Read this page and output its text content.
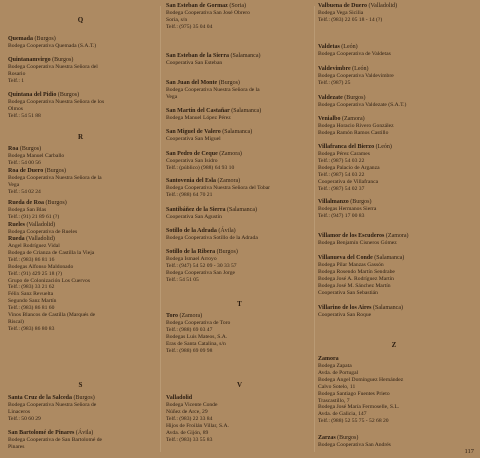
Q
Quemada (Burgos)
Bodega Cooperativa Quemada (S.A.T.)
Quintanamvirgo (Burgos)
Bodega Cooperativa Nuestra Señora del
Rosario
Telf.: 1
Quintana del Pidio (Burgos)
Bodega Cooperativa Nuestra Señora de los
Olmos
Telf.: 54 51 88
R
Roa (Burgos)
Bodega Manuel Carballo
Telf.: 54 00 56
Roa de Duero (Burgos)
Bodega Cooperativa Nuestra Señora de la
Vega
Telf.: 54 02 24
Rueda de Roa (Burgos)
Bodega San Blas
Telf.: (91) 21 89 61 (?)
Rueles (Valladolid)
Bodega Cooperativa de Rueles
Rueda (Valladolid)
Ángel Rodríguez Vidal
Bodega de Crianza de Castilla la Vieja
Telf.: (983) 86 81 16
Bodegas Alfonso Maldonado
Telf.: (91) 429 25 18 (?)
Grupo de Colonización Los Cuervos
Telf.: (983) 33 21 62
Félix Sanz Revuelta
Segundo Sanz Martín
Telf.: (983) 86 81 60
Vinos Blancos de Castilla (Marqués de
Riscal)
Telf.: (983) 86 80 83
S
Santa Cruz de la Salceda (Burgos)
Bodega Cooperativa Nuestra Señora de
Linaceros
Telf.: 50 60 29
San Bartolomé de Pinares (Ávila)
Bodega Cooperativa de San Bartolomé de
Pinares
San Esteban de Gormaz (Soria)
Bodega Cooperativa San José Obrero
Soria, s/n
Telf.: (975) 35 04 04
San Esteban de la Sierra (Salamanca)
Cooperativa San Esteban
San Juan del Monte (Burgos)
Bodega Cooperativa Nuestra Señora de la
Vega
San Martín del Castañar (Salamanca)
Bodega Manuel López Pérez
San Miguel de Valero (Salamanca)
Cooperativa San Miguel
San Pedro de Ceque (Zamora)
Cooperativa San Isidro
Telf.: (público) (988) 64 93 10
Santovenia del Esla (Zamora)
Bodega Cooperativa Nuestra Señora del Tobar
Telf.: (988) 64 70 21
Santibáñez de la Sierra (Salamanca)
Cooperativa San Agustín
Sotillo de la Adrada (Ávila)
Bodega Cooperativa Sotillo de la Adrada
Sotillo de la Ribera (Burgos)
Bodega Ismael Arroyo
Telf.: (947) 54 52 09 - 30 33 57
Bodega Cooperativa San Jorge
Telf.: 54 51 05
T
Toro (Zamora)
Bodega Cooperativa de Toro
Telf.: (988) 69 03 47
Bodegas Luis Mateos, S.A.
Eras de Santa Catalina, s/n
Telf.: (988) 69 09 98
V
Valladolid
Bodega Vicente Conde
Núñez de Arce, 29
Telf.: (983) 22 33 84
Hijos de Froilán Villar, S.A.
Avda. de Gijón, 89
Telf.: (983) 33 55 83
Valbuena de Duero (Valladolid)
Bodega Vega Sicilia
Telf.: (983) 22 05 18 - 14 (?)
Valdetas (León)
Bodega Cooperativa de Valdetas
Valdevimbre (León)
Bodega Cooperativa Valdevimbre
Telf.: (987) 25
Valdezate (Burgos)
Bodega Cooperativa Valdezate (S.A.T.)
Venialbo (Zamora)
Bodega Horacio Rivero González
Bodega Ramón Ramos Castillo
Villafranca del Bierzo (León)
Bodega Pérez Carames
Telf.: (987) 54 03 22
Bodega Palacio de Arganza
Telf.: (987) 54 03 22
Cooperativa de Villafranca
Telf.: (987) 54 02 37
Villalmanzo (Burgos)
Bodegas Hermanos Sierra
Telf.: (947) 17 00 83
Villamor de los Escuderos (Zamora)
Bodega Benjamín Cisneros Gómez
Villanueva del Conde (Salamanca)
Bodega Pilar Manzas Gassón
Bodega Rosendo Martín Sendrabe
Bodega José A. Rodríguez Martín
Bodega José M. Sánchez Martín
Cooperativa San Sebastián
Villarino de los Aires (Salamanca)
Cooperativa San Roque
Z
Zamora
Bodega Zapata
Avda. de Portugal
Bodega Ángel Domínguez Hernández
Calvo Sotelo, 11
Bodega Santiago Fuentes Prieto
Trascastillo, 7
Bodega José María Fermoselle, S.L.
Avda. de Galicia, 147
Telf.: (988) 52 55 75 - 52 68 20
Zarzas (Burgos)
Bodega Cooperativa San Andrés
117
